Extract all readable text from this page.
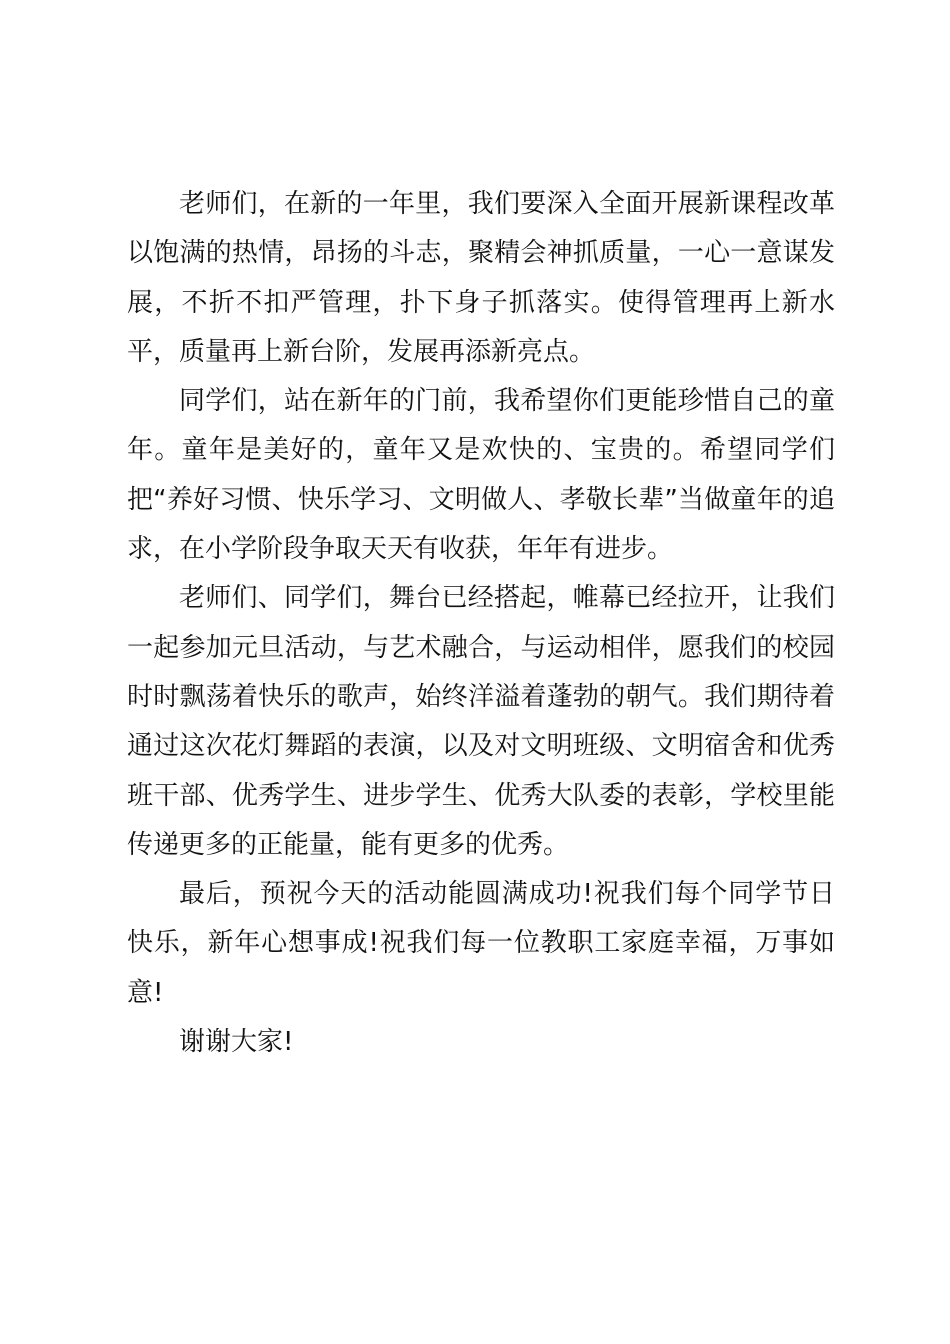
老师们，在新的一年里，我们要深入全面开展新课程改革以饱满的热情，昂扬的斗志，聚精会神抓质量，一心一意谋发展，不折不扣严管理，扑下身子抓落实。使得管理再上新水平，质量再上新台阶，发展再添新亮点。

同学们，站在新年的门前，我希望你们更能珍惜自己的童年。童年是美好的，童年又是欢快的、宝贵的。希望同学们把“养好习惯、快乐学习、文明做人、孝敬长辈”当做童年的追求，在小学阶段争取天天有收获，年年有进步。

老师们、同学们，舞台已经搭起，帷幕已经拉开，让我们一起参加元旦活动，与艺术融合，与运动相伴，愿我们的校园时时飘荡着快乐的歌声，始终洋溢着蓬勃的朝气。我们期待着通过这次花灯舞蹈的表演，以及对文明班级、文明宿舍和优秀班干部、优秀学生、进步学生、优秀大队委的表彰，学校里能传递更多的正能量，能有更多的优秀。

最后，预祝今天的活动能圆满成功!祝我们每个同学节日快乐，新年心想事成!祝我们每一位教职工家庭幸福，万事如意!

谢谢大家!
